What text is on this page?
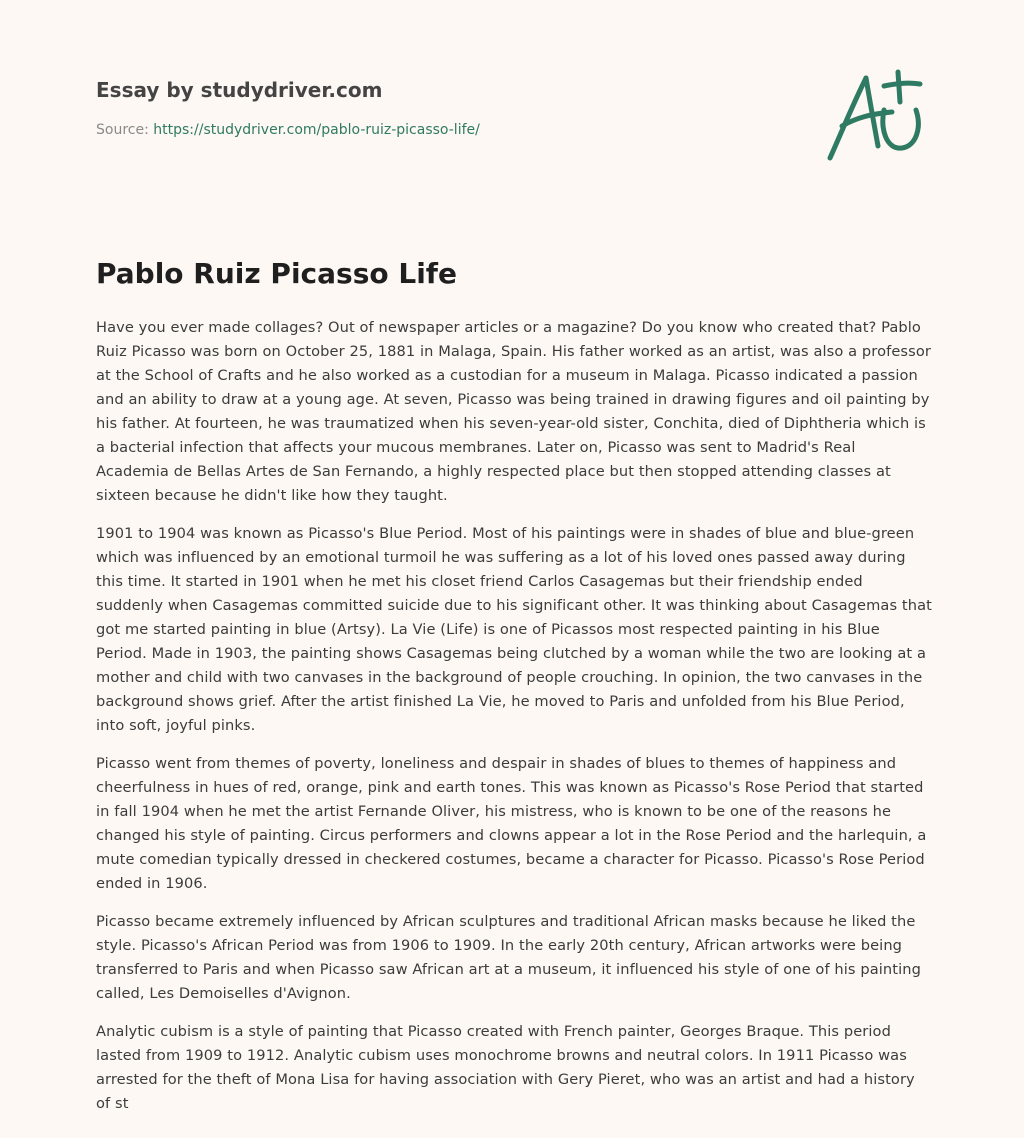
Essay by studydriver.com
Source: https://studydriver.com/pablo-ruiz-picasso-life/
Pablo Ruiz Picasso Life

Have you ever made collages? Out of newspaper articles or a magazine? Do you know who created that? Pablo Ruiz Picasso was born on October 25, 1881 in Malaga, Spain. His father worked as an artist, was also a professor at the School of Crafts and he also worked as a custodian for a museum in Malaga. Picasso indicated a passion and an ability to draw at a young age. At seven, Picasso was being trained in drawing figures and oil painting by his father. At fourteen, he was traumatized when his seven-year-old sister, Conchita, died of Diphtheria which is a bacterial infection that affects your mucous membranes. Later on, Picasso was sent to Madrid's Real Academia de Bellas Artes de San Fernando, a highly respected place but then stopped attending classes at sixteen because he didn't like how they taught.

1901 to 1904 was known as Picasso's Blue Period. Most of his paintings were in shades of blue and blue-green which was influenced by an emotional turmoil he was suffering as a lot of his loved ones passed away during this time. It started in 1901 when he met his closet friend Carlos Casagemas but their friendship ended suddenly when Casagemas committed suicide due to his significant other. It was thinking about Casagemas that got me started painting in blue (Artsy). La Vie (Life) is one of Picassos most respected painting in his Blue Period. Made in 1903, the painting shows Casagemas being clutched by a woman while the two are looking at a mother and child with two canvases in the background of people crouching. In opinion, the two canvases in the background shows grief. After the artist finished La Vie, he moved to Paris and unfolded from his Blue Period, into soft, joyful pinks.

Picasso went from themes of poverty, loneliness and despair in shades of blues to themes of happiness and cheerfulness in hues of red, orange, pink and earth tones. This was known as Picasso's Rose Period that started in fall 1904 when he met the artist Fernande Oliver, his mistress, who is known to be one of the reasons he changed his style of painting. Circus performers and clowns appear a lot in the Rose Period and the harlequin, a mute comedian typically dressed in checkered costumes, became a character for Picasso. Picasso's Rose Period ended in 1906.

Picasso became extremely influenced by African sculptures and traditional African masks because he liked the style. Picasso's African Period was from 1906 to 1909. In the early 20th century, African artworks were being transferred to Paris and when Picasso saw African art at a museum, it influenced his style of one of his painting called, Les Demoiselles d'Avignon.

Analytic cubism is a style of painting that Picasso created with French painter, Georges Braque. This period lasted from 1909 to 1912. Analytic cubism uses monochrome browns and neutral colors. In 1911 Picasso was arrested for the theft of Mona Lisa for having association with Gery Pieret, who was an artist and had a history of st
